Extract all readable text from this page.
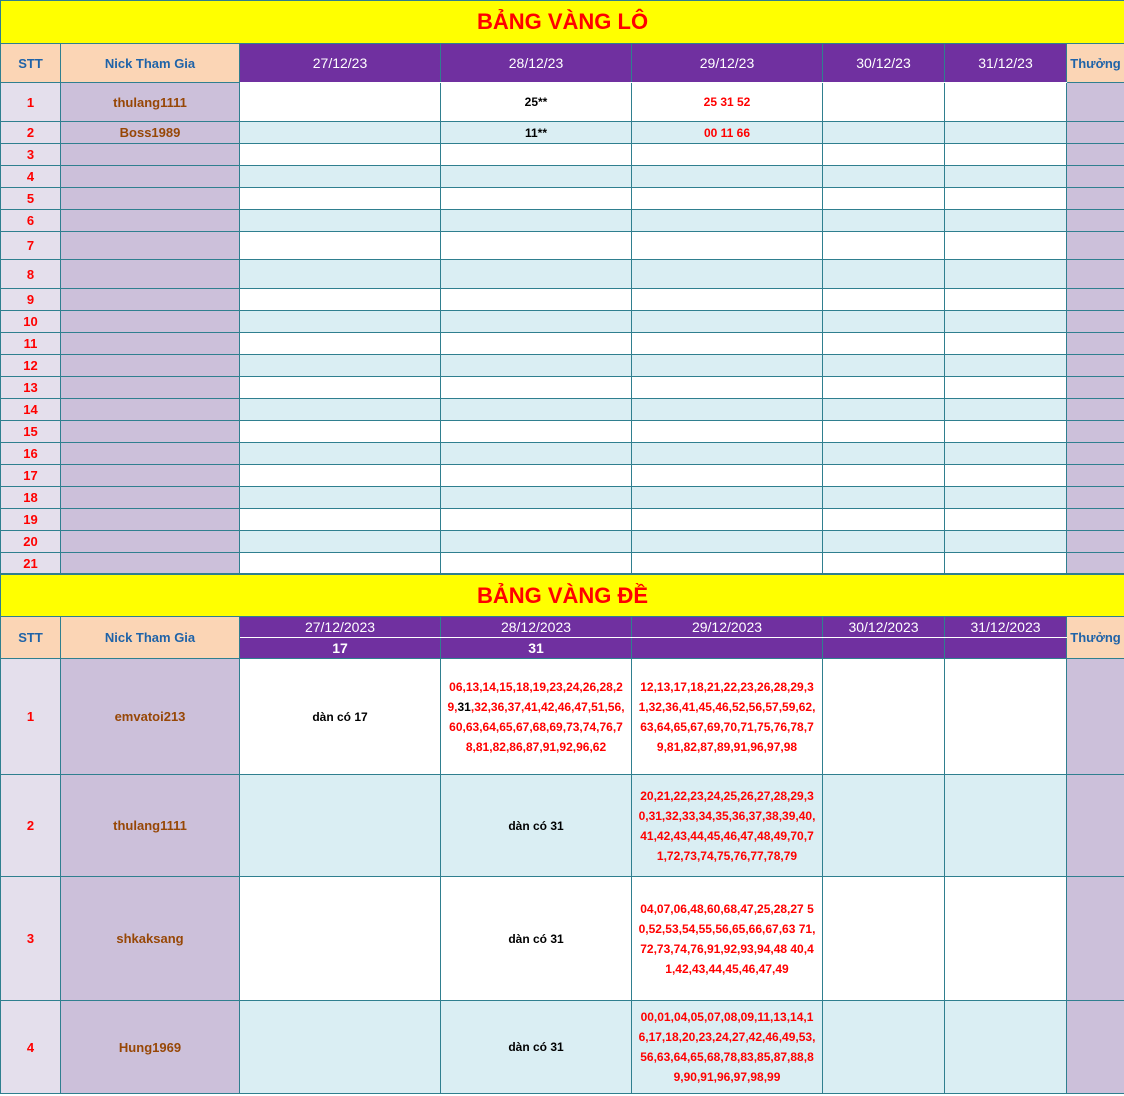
BẢNG VÀNG LÔ							
STT	Nick Tham Gia	27/12/23	28/12/23	29/12/23	30/12/23	31/12/23	Thưởng
1	thulang1111		25**	25 31 52			
2	Boss1989		11**	00 11 66			
3							
4							
5							
6							
7							
8							
9							
10							
11							
12							
13							
14							
15							
16							
17							
18							
19							
20							
21							
BẢNG VÀNG ĐỀ							
STT	Nick Tham Gia	27/12/2023	28/12/2023	29/12/2023	30/12/2023	31/12/2023	Thưởng
		17	31				
1	emvatoi213	dàn có 17	06,13,14,15,18,19,23,24,26,28,29,31,32,36,37,41,42,46,47,51,56,60,63,64,65,67,68,69,73,74,76,78,81,82,86,87,91,92,96,62	12,13,17,18,21,22,23,26,28,29,31,32,36,41,45,46,52,56,57,59,62,63,64,65,67,69,70,71,75,76,78,79,81,82,87,89,91,96,97,98			

2	thulang1111		dàn có 31	20,21,22,23,24,25,26,27,28,29,30,31,32,33,34,35,36,37,38,39,40,41,42,43,44,45,46,47,48,49,70,71,72,73,74,75,76,77,78,79			

3	shkaksang		dàn có 31	04,07,06,48,60,68,47,25,28,27 50,52,53,54,55,56,65,66,67,63 71,72,73,74,76,91,92,93,94,48 40,41,42,43,44,45,46,47,49			

4	Hung1969		dàn có 31	00,01,04,05,07,08,09,11,13,14,16,17,18,20,23,24,27,42,46,49,53,56,63,64,65,68,78,83,85,87,88,89,90,91,96,97,98,99			
